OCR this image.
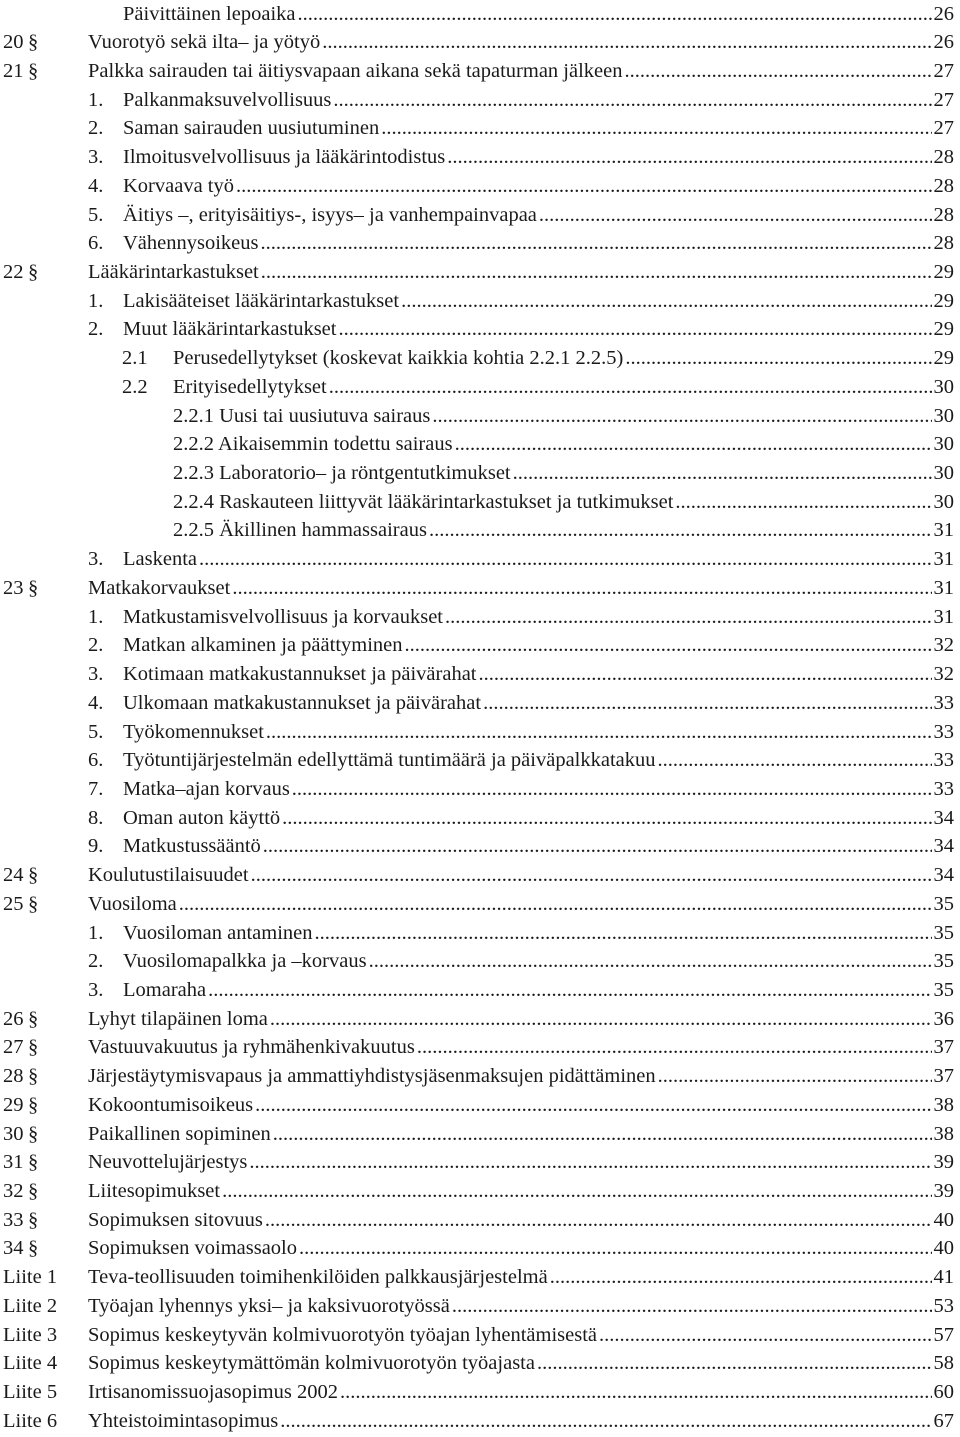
Päivittäinen lepoaika .....	26
20 § Vuorotyö sekä ilta– ja yötyö .....	26
21 § Palkka sairauden tai äitiysvapaan aikana sekä tapaturman jälkeen .....	27
1. Palkanmaksuvelvollisuus .....	27
2. Saman sairauden uusiutuminen .....	27
3. Ilmoitusvelvollisuus ja lääkärintodistus .....	28
4. Korvaava työ .....	28
5. Äitiys –, erityisäitiys-, isyys– ja vanhempainvapaa .....	28
6. Vähennysoikeus .....	28
22 § Lääkärintarkastukset .....	29
1. Lakisääteiset lääkärintarkastukset .....	29
2. Muut lääkärintarkastukset .....	29
2.1	Perusedellytykset (koskevat kaikkia kohtia 2.2.1 2.2.5) .....	29
2.2	Erityisedellytykset .....	30
2.2.1 Uusi tai uusiutuva sairaus .....	30
2.2.2 Aikaisemmin todettu sairaus .....	30
2.2.3 Laboratorio– ja röntgentutkimukset .....	30
2.2.4 Raskauteen liittyvät lääkärintarkastukset ja tutkimukset .....	30
2.2.5 Äkillinen hammassairaus .....	31
3. Laskenta .....	31
23 § Matkakorvaukset .....	31
1. Matkustamisvelvollisuus ja korvaukset .....	31
2. Matkan alkaminen ja päättyminen .....	32
3. Kotimaan matkakustannukset ja päivärahat .....	32
4. Ulkomaan matkakustannukset ja päivärahat .....	33
5. Työkomennukset .....	33
6. Työtuntijärjestelmän edellyttämä tuntimäärä ja päiväpalkkatakuu .....	33
7. Matka–ajan korvaus .....	33
8. Oman auton käyttö .....	34
9. Matkustussääntö .....	34
24 § Koulutustilaisuudet .....	34
25 § Vuosiloma .....	35
1. Vuosiloman antaminen .....	35
2. Vuosilomapalkka ja –korvaus .....	35
3. Lomaraha .....	35
26 § Lyhyt tilapäinen loma .....	36
27 § Vastuuvakuutus ja ryhmähenkivakuutus .....	37
28 § Järjestäytymisvapaus ja ammattiyhdistysjäsenmaksujen pidättäminen .....	37
29 § Kokoontumisoikeus .....	38
30 § Paikallinen sopiminen .....	38
31 § Neuvottelujärjestys .....	39
32 § Liitesopimukset .....	39
33 § Sopimuksen sitovuus .....	40
34 § Sopimuksen voimassaolo .....	40
Liite 1 Teva-teollisuuden toimihenkilöiden palkkausjärjestelmä .....	41
Liite 2 Työajan lyhennys yksi– ja kaksivuorotyössä .....	53
Liite 3 Sopimus keskeytyvän kolmivuorotyön työajan lyhentämisestä .....	57
Liite 4 Sopimus keskeytymättömän kolmivuorotyön työajasta .....	58
Liite 5 Irtisanomissuojasopimus 2002 .....	60
Liite 6 Yhteistoimintasopimus .....	67
